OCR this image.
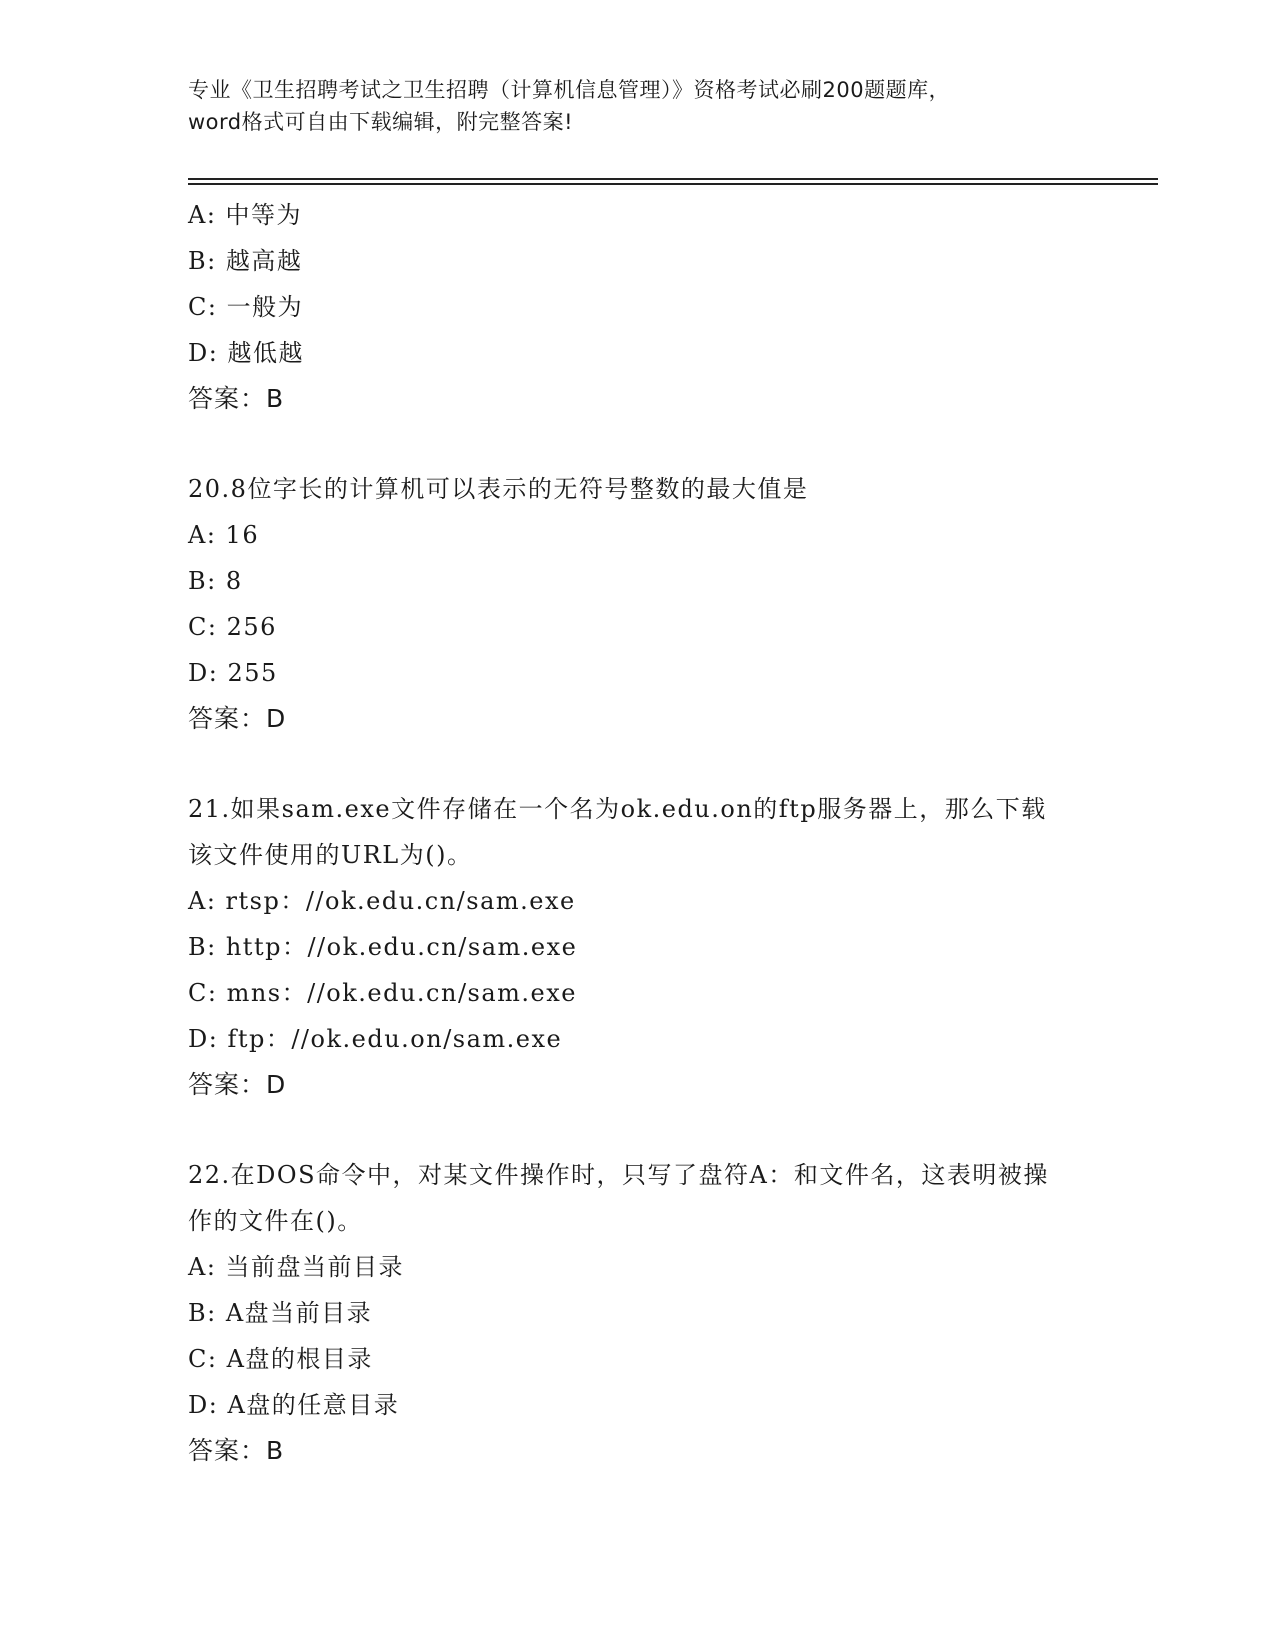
专业《卫生招聘考试之卫生招聘（计算机信息管理）》资格考试必刷200题题库，
word格式可自由下载编辑，附完整答案!
A: 中等为
B: 越高越
C: 一般为
D: 越低越
答案：B
20.8位字长的计算机可以表示的无符号整数的最大值是
A: 16
B: 8
C: 256
D: 255
答案：D
21.如果sam.exe文件存储在一个名为ok.edu.on的ftp服务器上，那么下载该文件使用的URL为()。
A: rtsp：//ok.edu.cn/sam.exe
B: http：//ok.edu.cn/sam.exe
C: mns：//ok.edu.cn/sam.exe
D: ftp：//ok.edu.on/sam.exe
答案：D
22.在DOS命令中，对某文件操作时，只写了盘符A：和文件名，这表明被操作的文件在()。
A: 当前盘当前目录
B: A盘当前目录
C: A盘的根目录
D: A盘的任意目录
答案：B
